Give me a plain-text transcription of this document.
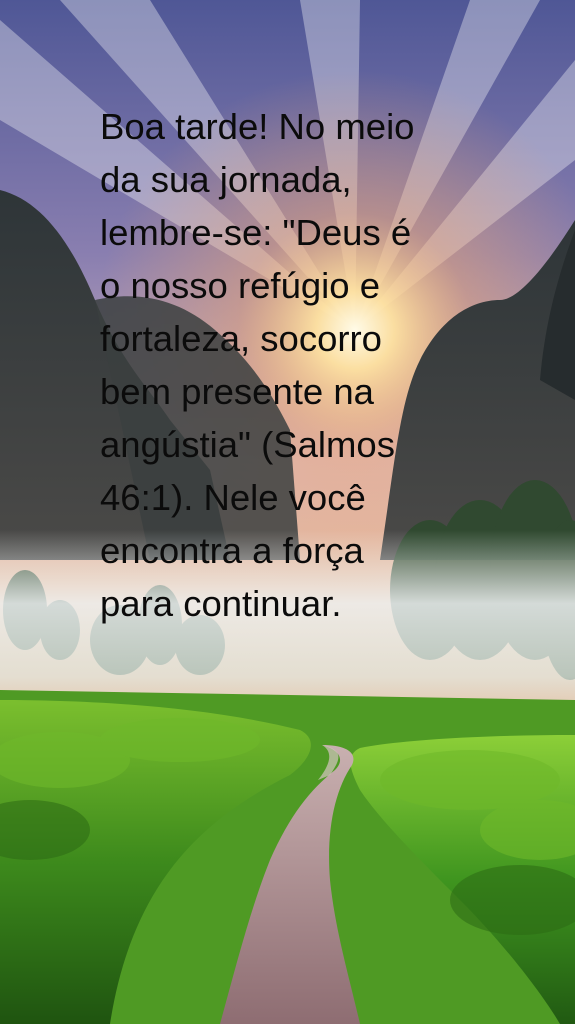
Boa tarde! No meio
da sua jornada,
lembre-se: "Deus é
o nosso refúgio e
fortaleza, socorro
bem presente na
angústia" (Salmos
46:1). Nele você
encontra a força
para continuar.
